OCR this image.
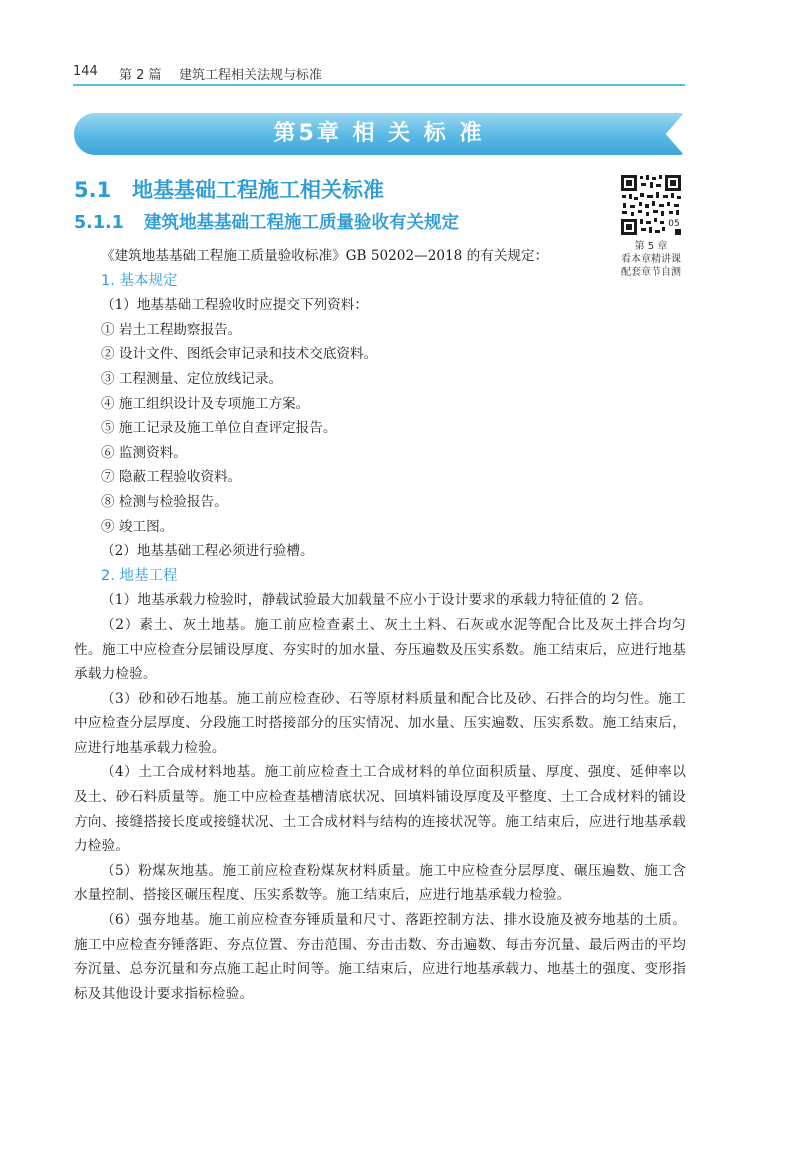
144 第 2 篇 建筑工程相关法规与标准
第5章 相 关 标 准
5.1 地基基础工程施工相关标准
5.1.1 建筑地基基础工程施工质量验收有关规定	05
第 5 章
看本章精讲课
配套章节自测

《建筑地基基础工程施工质量验收标准》GB 50202—2018 的有关规定：

1. 基本规定

（1）地基基础工程验收时应提交下列资料：

① 岩土工程勘察报告。

② 设计文件、图纸会审记录和技术交底资料。

③ 工程测量、定位放线记录。

④ 施工组织设计及专项施工方案。

⑤ 施工记录及施工单位自查评定报告。

⑥ 监测资料。

⑦ 隐蔽工程验收资料。

⑧ 检测与检验报告。

⑨ 竣工图。

（2）地基基础工程必须进行验槽。

2. 地基工程

（1）地基承载力检验时，静载试验最大加载量不应小于设计要求的承载力特征值的 2 倍。

（2）素土、灰土地基。施工前应检查素土、灰土土料、石灰或水泥等配合比及灰土拌合均匀性。施工中应检查分层铺设厚度、夯实时的加水量、夯压遍数及压实系数。施工结束后，应进行地基承载力检验。

（3）砂和砂石地基。施工前应检查砂、石等原材料质量和配合比及砂、石拌合的均匀性。施工中应检查分层厚度、分段施工时搭接部分的压实情况、加水量、压实遍数、压实系数。施工结束后，应进行地基承载力检验。

（4）土工合成材料地基。施工前应检查土工合成材料的单位面积质量、厚度、强度、延伸率以及土、砂石料质量等。施工中应检查基槽清底状况、回填料铺设厚度及平整度、土工合成材料的铺设方向、接缝搭接长度或接缝状况、土工合成材料与结构的连接状况等。施工结束后，应进行地基承载力检验。

（5）粉煤灰地基。施工前应检查粉煤灰材料质量。施工中应检查分层厚度、碾压遍数、施工含水量控制、搭接区碾压程度、压实系数等。施工结束后，应进行地基承载力检验。

（6）强夯地基。施工前应检查夯锤质量和尺寸、落距控制方法、排水设施及被夯地基的土质。施工中应检查夯锤落距、夯点位置、夯击范围、夯击击数、夯击遍数、每击夯沉量、最后两击的平均夯沉量、总夯沉量和夯点施工起止时间等。施工结束后，应进行地基承载力、地基土的强度、变形指标及其他设计要求指标检验。
